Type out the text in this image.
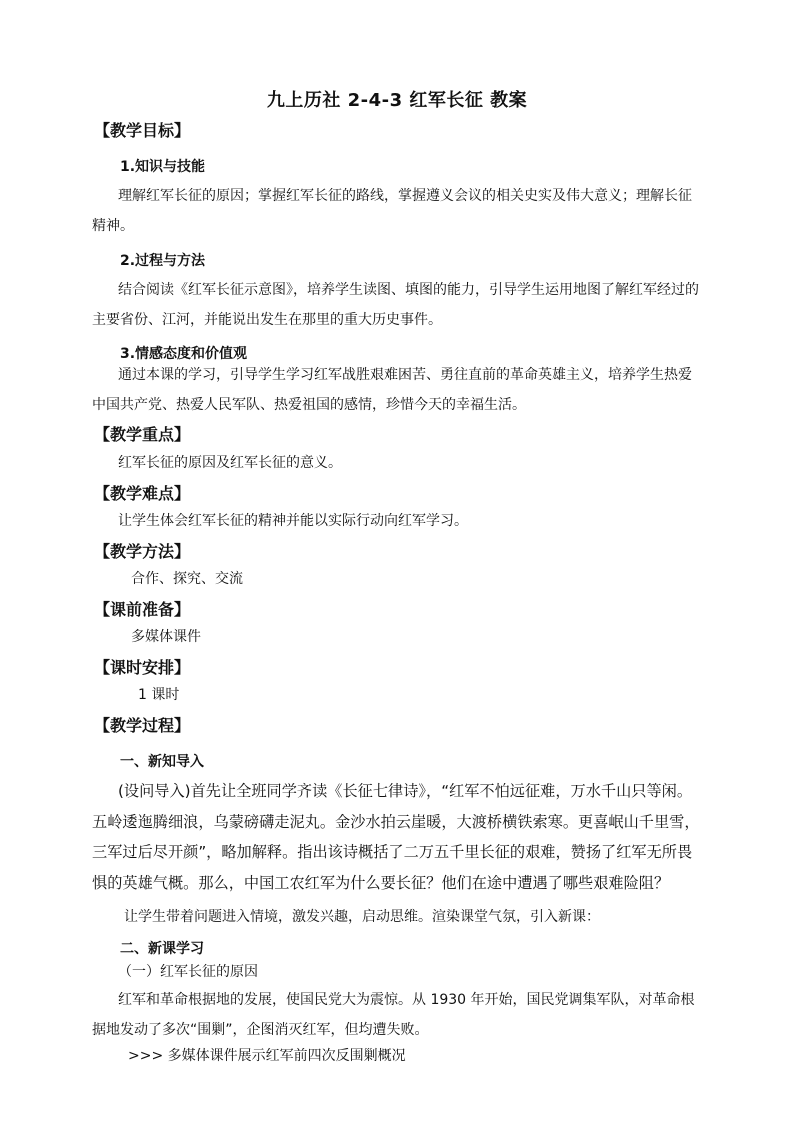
九上历社 2-4-3 红军长征 教案
【教学目标】
1.知识与技能
理解红军长征的原因；掌握红军长征的路线，掌握遵义会议的相关史实及伟大意义；理解长征精神。
2.过程与方法
结合阅读《红军长征示意图》，培养学生读图、填图的能力，引导学生运用地图了解红军经过的主要省份、江河，并能说出发生在那里的重大历史事件。
3.情感态度和价值观
通过本课的学习，引导学生学习红军战胜艰难困苦、勇往直前的革命英雄主义，培养学生热爱中国共产党、热爱人民军队、热爱祖国的感情，珍惜今天的幸福生活。
【教学重点】
红军长征的原因及红军长征的意义。
【教学难点】
让学生体会红军长征的精神并能以实际行动向红军学习。
【教学方法】
合作、探究、交流
【课前准备】
多媒体课件
【课时安排】
1 课时
【教学过程】
一、新知导入
(设问导入)首先让全班同学齐读《长征七律诗》，“红军不怕远征难，万水千山只等闲。五岭逶迤腾细浪，乌蒙磅礴走泥丸。金沙水拍云崖暖，大渡桥横铁索寒。更喜岷山千里雪，三军过后尽开颜”，略加解释。指出该诗概括了二万五千里长征的艰难，赞扬了红军无所畏惧的英雄气概。那么，中国工农红军为什么要长征？他们在途中遭遇了哪些艰难险阻？
让学生带着问题进入情境，激发兴趣，启动思维。渲染课堂气氛，引入新课：
二、新课学习
（一）红军长征的原因
红军和革命根据地的发展，使国民党大为震惊。从 1930 年开始，国民党调集军队，对革命根据地发动了多次“围剿”，企图消灭红军，但均遭失败。
>>> 多媒体课件展示红军前四次反围剿概况
